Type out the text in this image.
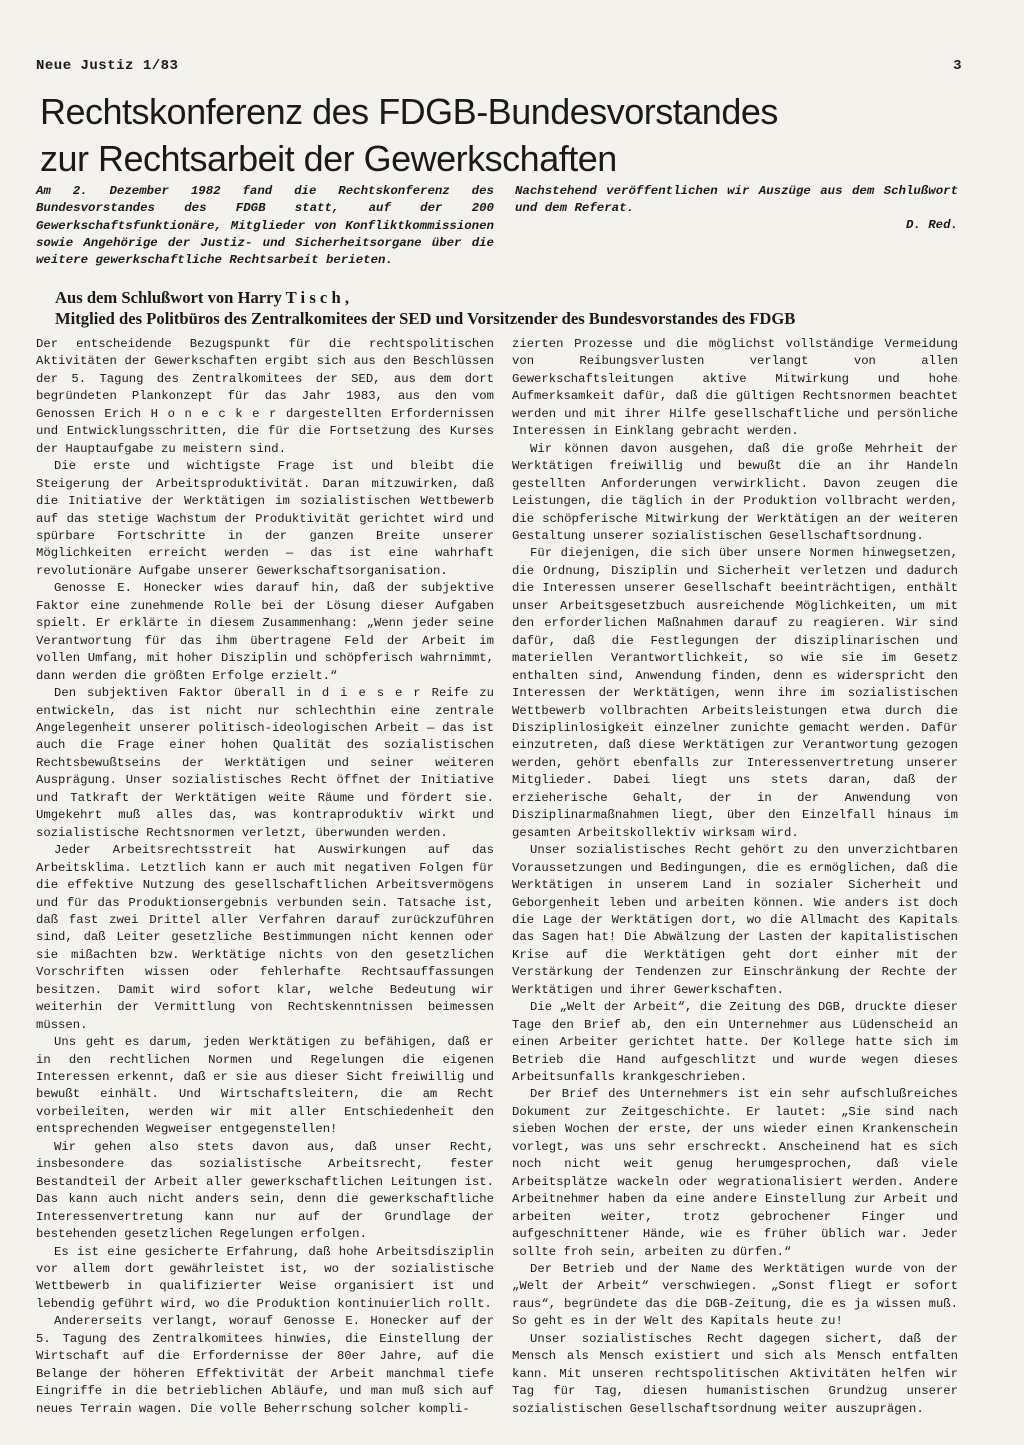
Neue Justiz 1/83	3
Rechtskonferenz des FDGB-Bundesvorstandes
zur Rechtsarbeit der Gewerkschaften

Am 2. Dezember 1982 fand die Rechtskonferenz des Bundesvorstandes des FDGB statt, auf der 200 Gewerkschaftsfunktionäre, Mitglieder von Konfliktkommissionen sowie Angehörige der Justiz- und Sicherheitsorgane über die weitere gewerkschaftliche Rechtsarbeit berieten.

Nachstehend veröffentlichen wir Auszüge aus dem Schlußwort und dem Referat.

D. Red.
Aus dem Schlußwort von Harry T i s c h ,
Mitglied des Politbüros des Zentralkomitees der SED und Vorsitzender des Bundesvorstandes des FDGB

Der entscheidende Bezugspunkt für die rechtspolitischen Aktivitäten der Gewerkschaften ergibt sich aus den Beschlüssen der 5. Tagung des Zentralkomitees der SED, aus dem dort begründeten Plankonzept für das Jahr 1983, aus den vom Genossen Erich H o n e c k e r dargestellten Erfordernissen und Entwicklungsschritten, die für die Fortsetzung des Kurses der Hauptaufgabe zu meistern sind.

Die erste und wichtigste Frage ist und bleibt die Steigerung der Arbeitsproduktivität. Daran mitzuwirken, daß die Initiative der Werktätigen im sozialistischen Wettbewerb auf das stetige Wachstum der Produktivität gerichtet wird und spürbare Fortschritte in der ganzen Breite unserer Möglichkeiten erreicht werden — das ist eine wahrhaft revolutionäre Aufgabe unserer Gewerkschaftsorganisation.

Genosse E. Honecker wies darauf hin, daß der subjektive Faktor eine zunehmende Rolle bei der Lösung dieser Aufgaben spielt. Er erklärte in diesem Zusammenhang: „Wenn jeder seine Verantwortung für das ihm übertragene Feld der Arbeit im vollen Umfang, mit hoher Disziplin und schöpferisch wahrnimmt, dann werden die größten Erfolge erzielt.“

Den subjektiven Faktor überall in d i e s e r Reife zu entwickeln, das ist nicht nur schlechthin eine zentrale Angelegenheit unserer politisch-ideologischen Arbeit — das ist auch die Frage einer hohen Qualität des sozialistischen Rechtsbewußtseins der Werktätigen und seiner weiteren Ausprägung. Unser sozialistisches Recht öffnet der Initiative und Tatkraft der Werktätigen weite Räume und fördert sie. Umgekehrt muß alles das, was kontraproduktiv wirkt und sozialistische Rechtsnormen verletzt, überwunden werden.

Jeder Arbeitsrechtsstreit hat Auswirkungen auf das Arbeitsklima. Letztlich kann er auch mit negativen Folgen für die effektive Nutzung des gesellschaftlichen Arbeitsvermögens und für das Produktionsergebnis verbunden sein. Tatsache ist, daß fast zwei Drittel aller Verfahren darauf zurückzuführen sind, daß Leiter gesetzliche Bestimmungen nicht kennen oder sie mißachten bzw. Werktätige nichts von den gesetzlichen Vorschriften wissen oder fehlerhafte Rechtsauffassungen besitzen. Damit wird sofort klar, welche Bedeutung wir weiterhin der Vermittlung von Rechtskenntnissen beimessen müssen.

Uns geht es darum, jeden Werktätigen zu befähigen, daß er in den rechtlichen Normen und Regelungen die eigenen Interessen erkennt, daß er sie aus dieser Sicht freiwillig und bewußt einhält. Und Wirtschaftsleitern, die am Recht vorbeileiten, werden wir mit aller Entschiedenheit den entsprechenden Wegweiser entgegenstellen!

Wir gehen also stets davon aus, daß unser Recht, insbesondere das sozialistische Arbeitsrecht, fester Bestandteil der Arbeit aller gewerkschaftlichen Leitungen ist. Das kann auch nicht anders sein, denn die gewerkschaftliche Interessenvertretung kann nur auf der Grundlage der bestehenden gesetzlichen Regelungen erfolgen.

Es ist eine gesicherte Erfahrung, daß hohe Arbeitsdisziplin vor allem dort gewährleistet ist, wo der sozialistische Wettbewerb in qualifizierter Weise organisiert ist und lebendig geführt wird, wo die Produktion kontinuierlich rollt.

Andererseits verlangt, worauf Genosse E. Honecker auf der 5. Tagung des Zentralkomitees hinwies, die Einstellung der Wirtschaft auf die Erfordernisse der 80er Jahre, auf die Belange der höheren Effektivität der Arbeit manchmal tiefe Eingriffe in die betrieblichen Abläufe, und man muß sich auf neues Terrain wagen. Die volle Beherrschung solcher kompli-

zierten Prozesse und die möglichst vollständige Vermeidung von Reibungsverlusten verlangt von allen Gewerkschaftsleitungen aktive Mitwirkung und hohe Aufmerksamkeit dafür, daß die gültigen Rechtsnormen beachtet werden und mit ihrer Hilfe gesellschaftliche und persönliche Interessen in Einklang gebracht werden.

Wir können davon ausgehen, daß die große Mehrheit der Werktätigen freiwillig und bewußt die an ihr Handeln gestellten Anforderungen verwirklicht. Davon zeugen die Leistungen, die täglich in der Produktion vollbracht werden, die schöpferische Mitwirkung der Werktätigen an der weiteren Gestaltung unserer sozialistischen Gesellschaftsordnung.

Für diejenigen, die sich über unsere Normen hinwegsetzen, die Ordnung, Disziplin und Sicherheit verletzen und dadurch die Interessen unserer Gesellschaft beeinträchtigen, enthält unser Arbeitsgesetzbuch ausreichende Möglichkeiten, um mit den erforderlichen Maßnahmen darauf zu reagieren. Wir sind dafür, daß die Festlegungen der disziplinarischen und materiellen Verantwortlichkeit, so wie sie im Gesetz enthalten sind, Anwendung finden, denn es widerspricht den Interessen der Werktätigen, wenn ihre im sozialistischen Wettbewerb vollbrachten Arbeitsleistungen etwa durch die Disziplinlosigkeit einzelner zunichte gemacht werden. Dafür einzutreten, daß diese Werktätigen zur Verantwortung gezogen werden, gehört ebenfalls zur Interessenvertretung unserer Mitglieder. Dabei liegt uns stets daran, daß der erzieherische Gehalt, der in der Anwendung von Disziplinarmaßnahmen liegt, über den Einzelfall hinaus im gesamten Arbeitskollektiv wirksam wird.

Unser sozialistisches Recht gehört zu den unverzichtbaren Voraussetzungen und Bedingungen, die es ermöglichen, daß die Werktätigen in unserem Land in sozialer Sicherheit und Geborgenheit leben und arbeiten können. Wie anders ist doch die Lage der Werktätigen dort, wo die Allmacht des Kapitals das Sagen hat! Die Abwälzung der Lasten der kapitalistischen Krise auf die Werktätigen geht dort einher mit der Verstärkung der Tendenzen zur Einschränkung der Rechte der Werktätigen und ihrer Gewerkschaften.

Die „Welt der Arbeit“, die Zeitung des DGB, druckte dieser Tage den Brief ab, den ein Unternehmer aus Lüdenscheid an einen Arbeiter gerichtet hatte. Der Kollege hatte sich im Betrieb die Hand aufgeschlitzt und wurde wegen dieses Arbeitsunfalls krankgeschrieben.

Der Brief des Unternehmers ist ein sehr aufschlußreiches Dokument zur Zeitgeschichte. Er lautet: „Sie sind nach sieben Wochen der erste, der uns wieder einen Krankenschein vorlegt, was uns sehr erschreckt. Anscheinend hat es sich noch nicht weit genug herumgesprochen, daß viele Arbeitsplätze wackeln oder wegrationalisiert werden. Andere Arbeitnehmer haben da eine andere Einstellung zur Arbeit und arbeiten weiter, trotz gebrochener Finger und aufgeschnittener Hände, wie es früher üblich war. Jeder sollte froh sein, arbeiten zu dürfen.“

Der Betrieb und der Name des Werktätigen wurde von der „Welt der Arbeit“ verschwiegen. „Sonst fliegt er sofort raus“, begründete das die DGB-Zeitung, die es ja wissen muß. So geht es in der Welt des Kapitals heute zu!

Unser sozialistisches Recht dagegen sichert, daß der Mensch als Mensch existiert und sich als Mensch entfalten kann. Mit unseren rechtspolitischen Aktivitäten helfen wir Tag für Tag, diesen humanistischen Grundzug unserer sozialistischen Gesellschaftsordnung weiter auszuprägen.
